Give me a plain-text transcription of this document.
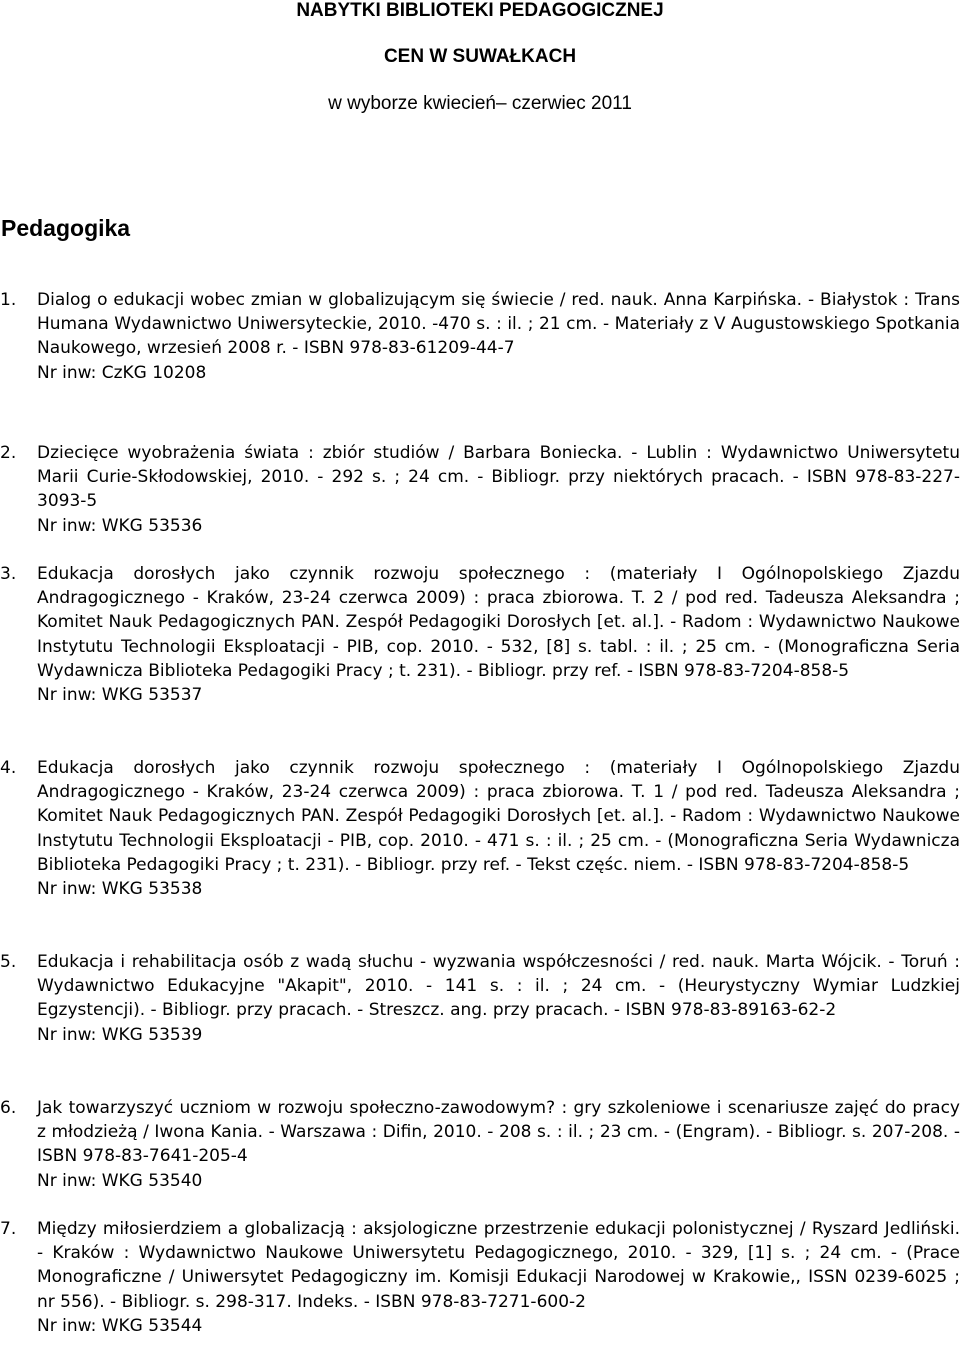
NABYTKI BIBLIOTEKI PEDAGOGICZNEJ
CEN W SUWAŁKACH
w wyborze kwiecień– czerwiec 2011
Pedagogika
1.	Dialog o edukacji wobec zmian w globalizującym się świecie / red. nauk. Anna Karpińska. - Białystok : Trans Humana Wydawnictwo Uniwersyteckie, 2010. -470 s. : il. ; 21 cm. - Materiały z V Augustowskiego Spotkania Naukowego, wrzesień 2008 r. - ISBN 978-83-61209-44-7
Nr inw: CzKG 10208
2.	Dziecięce wyobrażenia świata : zbiór studiów / Barbara Boniecka. - Lublin : Wydawnictwo Uniwersytetu Marii Curie-Skłodowskiej, 2010. - 292 s. ; 24 cm. - Bibliogr. przy niektórych pracach. - ISBN 978-83-227-3093-5
Nr inw: WKG 53536
3.	Edukacja dorosłych jako czynnik rozwoju społecznego : (materiały I Ogólnopolskiego Zjazdu Andragogicznego - Kraków, 23-24 czerwca 2009) : praca zbiorowa. T. 2 / pod red. Tadeusza Aleksandra ; Komitet Nauk Pedagogicznych PAN. Zespół Pedagogiki Dorosłych [et. al.]. - Radom : Wydawnictwo Naukowe Instytutu Technologii Eksploatacji - PIB, cop. 2010. - 532, [8] s. tabl. : il. ; 25 cm. - (Monograficzna Seria Wydawnicza Biblioteka Pedagogiki Pracy ; t. 231). - Bibliogr. przy ref. - ISBN 978-83-7204-858-5
Nr inw: WKG 53537
4.	Edukacja dorosłych jako czynnik rozwoju społecznego : (materiały I Ogólnopolskiego Zjazdu Andragogicznego - Kraków, 23-24 czerwca 2009) : praca zbiorowa. T. 1 / pod red. Tadeusza Aleksandra ; Komitet Nauk Pedagogicznych PAN. Zespół Pedagogiki Dorosłych [et. al.]. - Radom : Wydawnictwo Naukowe Instytutu Technologii Eksploatacji - PIB, cop. 2010. - 471 s. : il. ; 25 cm. - (Monograficzna Seria Wydawnicza Biblioteka Pedagogiki Pracy ; t. 231). - Bibliogr. przy ref. - Tekst częśc. niem. - ISBN 978-83-7204-858-5
Nr inw: WKG 53538
5.	Edukacja i rehabilitacja osób z wadą słuchu - wyzwania współczesności / red. nauk. Marta Wójcik. - Toruń : Wydawnictwo Edukacyjne "Akapit", 2010. - 141 s. : il. ; 24 cm. - (Heurystyczny Wymiar Ludzkiej Egzystencji). - Bibliogr. przy pracach. - Streszcz. ang. przy pracach. - ISBN 978-83-89163-62-2
Nr inw: WKG 53539
6.	Jak towarzyszyć uczniom w rozwoju społeczno-zawodowym? : gry szkoleniowe i scenariusze zajęć do pracy z młodzieżą / Iwona Kania. - Warszawa : Difin, 2010. - 208 s. : il. ; 23 cm. - (Engram). - Bibliogr. s. 207-208. - ISBN 978-83-7641-205-4
Nr inw: WKG 53540
7.	Między miłosierdziem a globalizacją : aksjologiczne przestrzenie edukacji polonistycznej / Ryszard Jedliński. - Kraków : Wydawnictwo Naukowe Uniwersytetu Pedagogicznego, 2010. - 329, [1] s. ; 24 cm. - (Prace Monograficzne / Uniwersytet Pedagogiczny im. Komisji Edukacji Narodowej w Krakowie,, ISSN 0239-6025 ; nr 556). - Bibliogr. s. 298-317. Indeks. - ISBN 978-83-7271-600-2
Nr inw: WKG 53544
